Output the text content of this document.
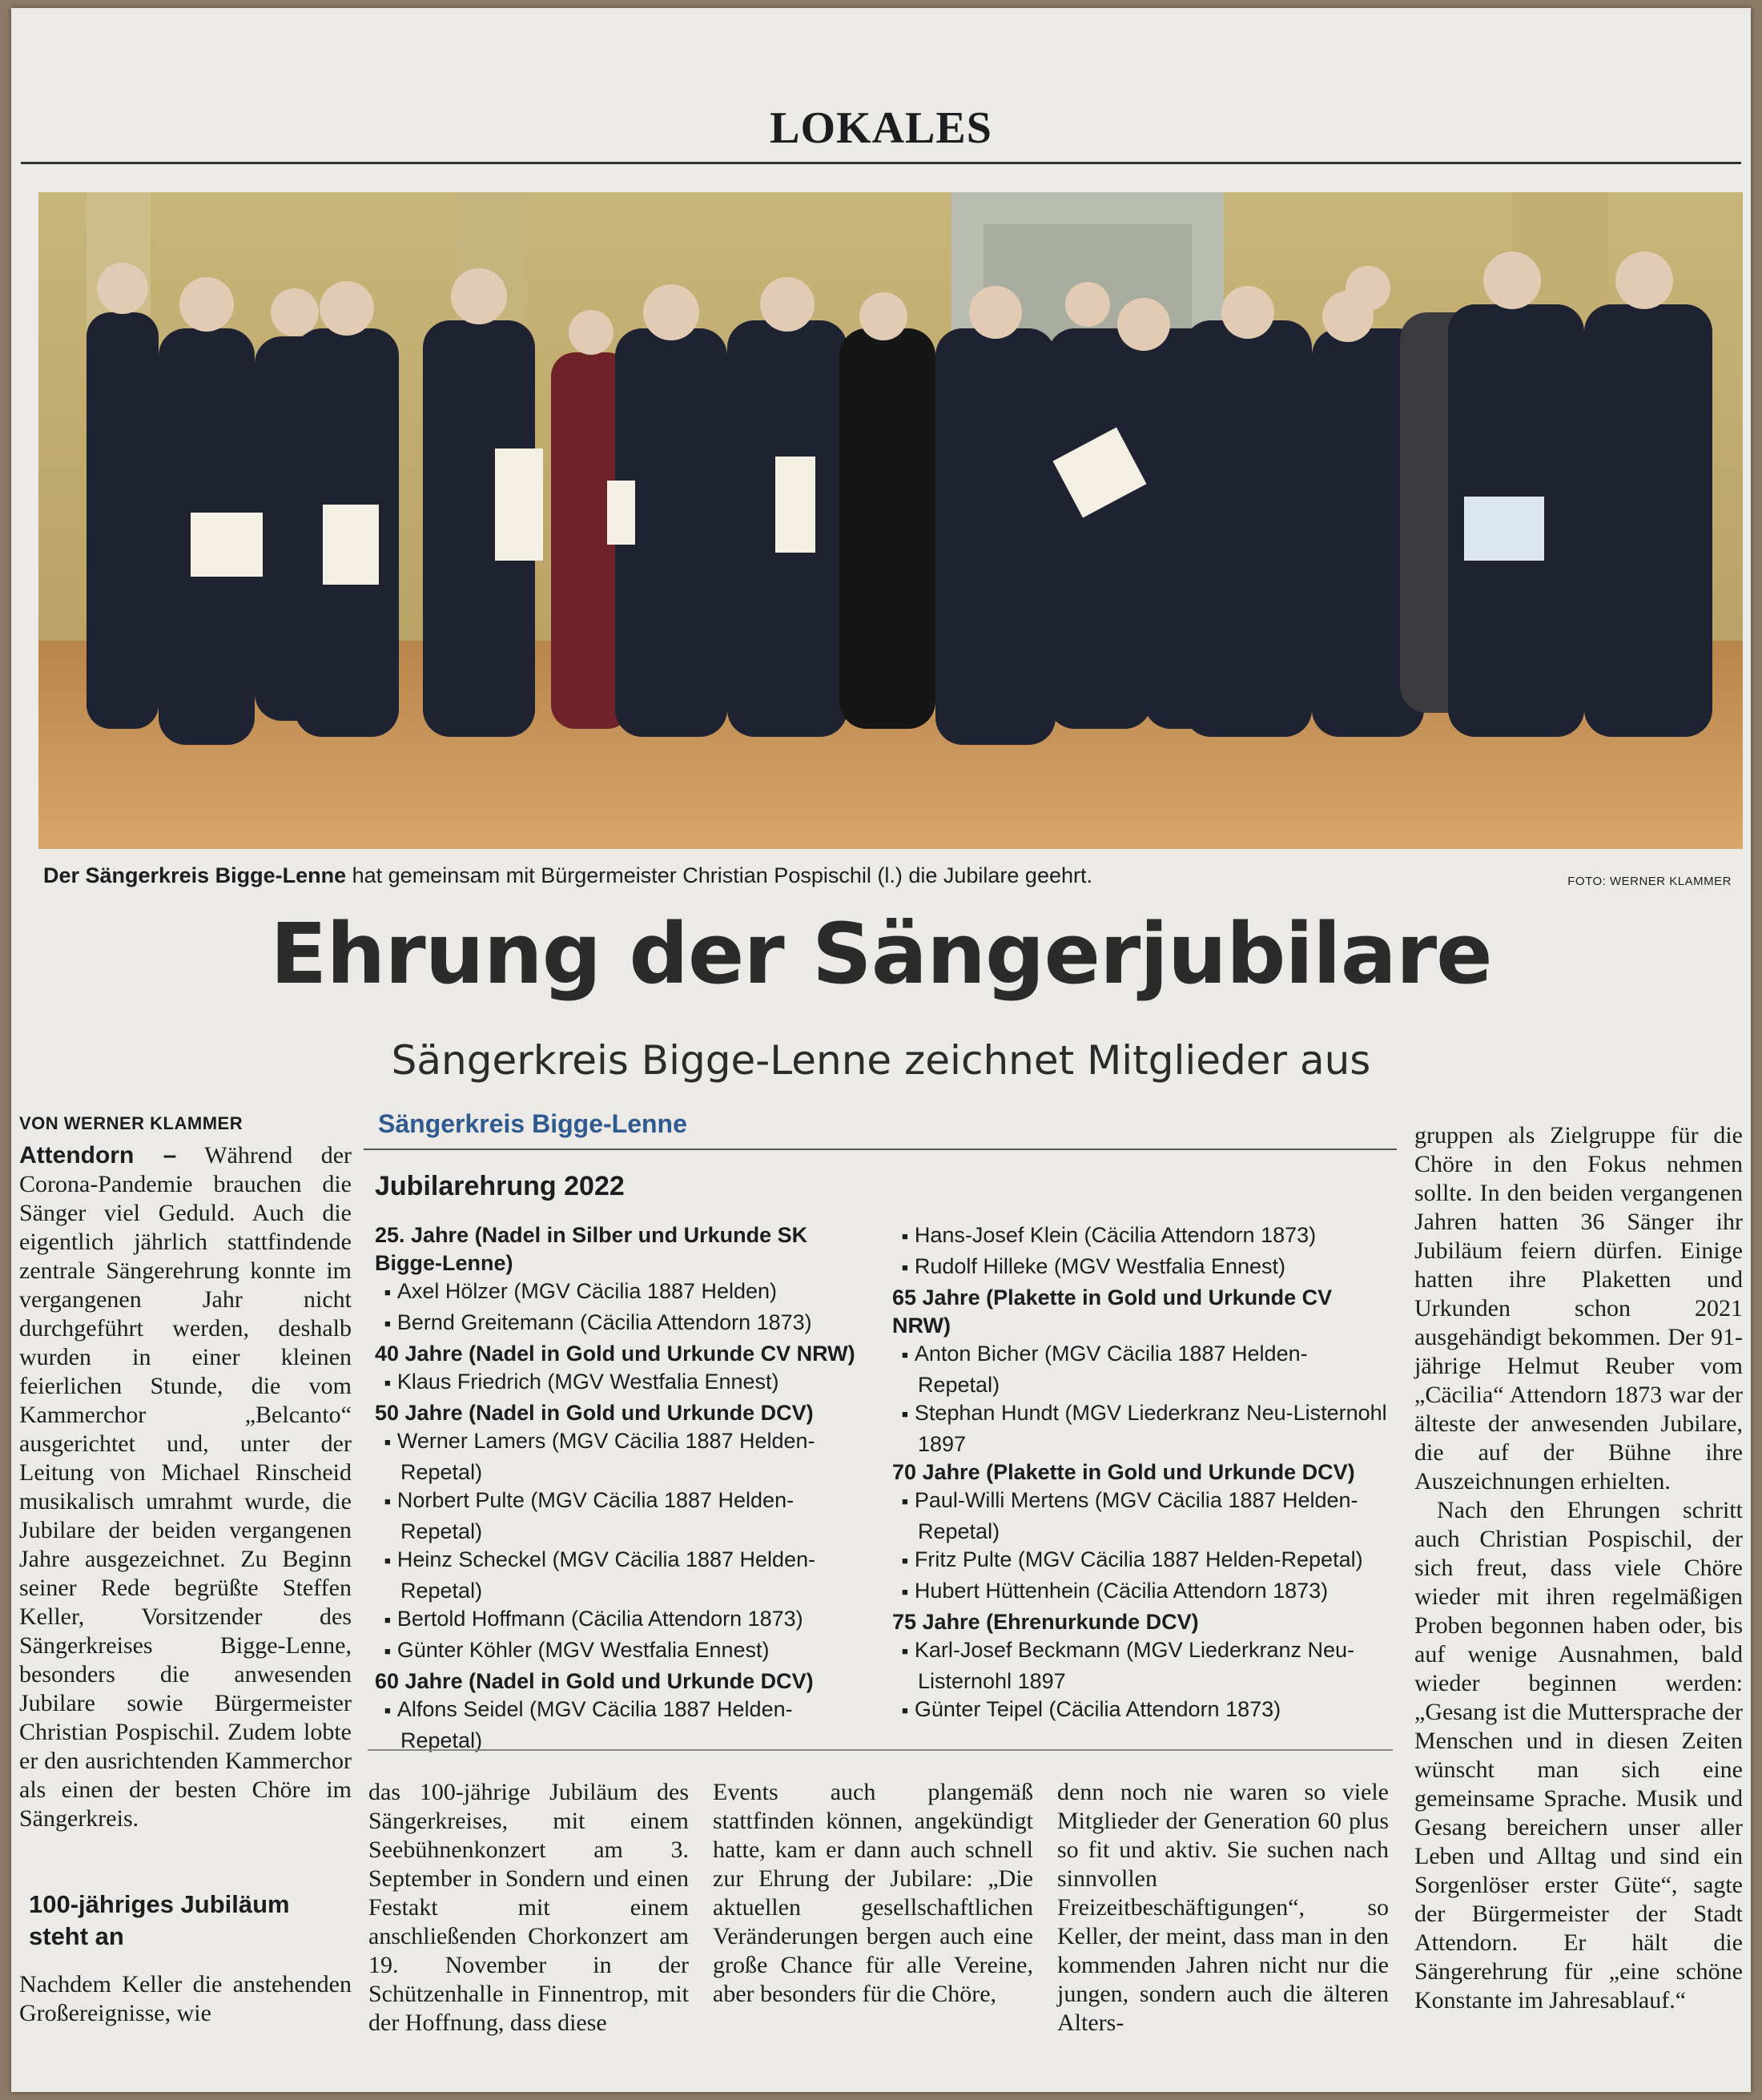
LOKALES
Der Sängerkreis Bigge-Lenne hat gemeinsam mit Bürgermeister Christian Pospischil (l.) die Jubilare geehrt.	FOTO: WERNER KLAMMER
Ehrung der Sängerjubilare
Sängerkreis Bigge-Lenne zeichnet Mitglieder aus
VON WERNER KLAMMER

Attendorn – Während der Corona-Pandemie brauchen die Sänger viel Geduld. Auch die eigentlich jährlich stattfindende zentrale Sängerehrung konnte im vergangenen Jahr nicht durchgeführt werden, deshalb wurden in einer kleinen feierlichen Stunde, die vom Kammerchor „Belcanto“ ausgerichtet und, unter der Leitung von Michael Rinscheid musikalisch umrahmt wurde, die Jubilare der beiden vergangenen Jahre ausgezeichnet. Zu Beginn seiner Rede begrüßte Steffen Keller, Vorsitzender des Sängerkreises Bigge-Lenne, besonders die anwesenden Jubilare sowie Bürgermeister Christian Pospischil. Zudem lobte er den ausrichtenden Kammerchor als einen der besten Chöre im Sängerkreis.

100-jähriges Jubiläum steht an
Nachdem Keller die anstehenden Großereignisse, wie
Sängerkreis Bigge-Lenne
Jubilarehrung 2022
25. Jahre (Nadel in Silber und Urkunde SK Bigge-Lenne)
■ Axel Hölzer (MGV Cäcilia 1887 Helden)
■ Bernd Greitemann (Cäcilia Attendorn 1873)
40 Jahre (Nadel in Gold und Urkunde CV NRW)
■ Klaus Friedrich (MGV Westfalia Ennest)
50 Jahre (Nadel in Gold und Urkunde DCV)
■ Werner Lamers (MGV Cäcilia 1887 Helden-Repetal)
■ Norbert Pulte (MGV Cäcilia 1887 Helden-Repetal)
■ Heinz Scheckel (MGV Cäcilia 1887 Helden-Repetal)
■ Bertold Hoffmann (Cäcilia Attendorn 1873)
■ Günter Köhler (MGV Westfalia Ennest)
60 Jahre (Nadel in Gold und Urkunde DCV)
■ Alfons Seidel (MGV Cäcilia 1887 Helden-Repetal)
■ Hans-Josef Klein (Cäcilia Attendorn 1873)
■ Rudolf Hilleke (MGV Westfalia Ennest)
65 Jahre (Plakette in Gold und Urkunde CV NRW)
■ Anton Bicher (MGV Cäcilia 1887 Helden-Repetal)
■ Stephan Hundt (MGV Liederkranz Neu-Listernohl 1897
70 Jahre (Plakette in Gold und Urkunde DCV)
■ Paul-Willi Mertens (MGV Cäcilia 1887 Helden-Repetal)
■ Fritz Pulte (MGV Cäcilia 1887 Helden-Repetal)
■ Hubert Hüttenhein (Cäcilia Attendorn 1873)
75 Jahre (Ehrenurkunde DCV)
■ Karl-Josef Beckmann (MGV Liederkranz Neu-Listernohl 1897
■ Günter Teipel (Cäcilia Attendorn 1873)
das 100-jährige Jubiläum des Sängerkreises, mit einem Seebühnenkonzert am 3. September in Sondern und einen Festakt mit einem anschließenden Chorkonzert am 19. November in der Schützenhalle in Finnentrop, mit der Hoffnung, dass diese
Events auch plangemäß stattfinden können, angekündigt hatte, kam er dann auch schnell zur Ehrung der Jubilare: „Die aktuellen gesellschaftlichen Veränderungen bergen auch eine große Chance für alle Vereine, aber besonders für die Chöre,
denn noch nie waren so viele Mitglieder der Generation 60 plus so fit und aktiv. Sie suchen nach sinnvollen Freizeitbeschäftigungen“, so Keller, der meint, dass man in den kommenden Jahren nicht nur die jungen, sondern auch die älteren Alters-

gruppen als Zielgruppe für die Chöre in den Fokus nehmen sollte. In den beiden vergangenen Jahren hatten 36 Sänger ihr Jubiläum feiern dürfen. Einige hatten ihre Plaketten und Urkunden schon 2021 ausgehändigt bekommen. Der 91-jährige Helmut Reuber vom „Cäcilia“ Attendorn 1873 war der älteste der anwesenden Jubilare, die auf der Bühne ihre Auszeichnungen erhielten.

Nach den Ehrungen schritt auch Christian Pospischil, der sich freut, dass viele Chöre wieder mit ihren regelmäßigen Proben begonnen haben oder, bis auf wenige Ausnahmen, bald wieder beginnen werden: „Gesang ist die Muttersprache der Menschen und in diesen Zeiten wünscht man sich eine gemeinsame Sprache. Musik und Gesang bereichern unser aller Leben und Alltag und sind ein Sorgenlöser erster Güte“, sagte der Bürgermeister der Stadt Attendorn. Er hält die Sängerehrung für „eine schöne Konstante im Jahresablauf.“
